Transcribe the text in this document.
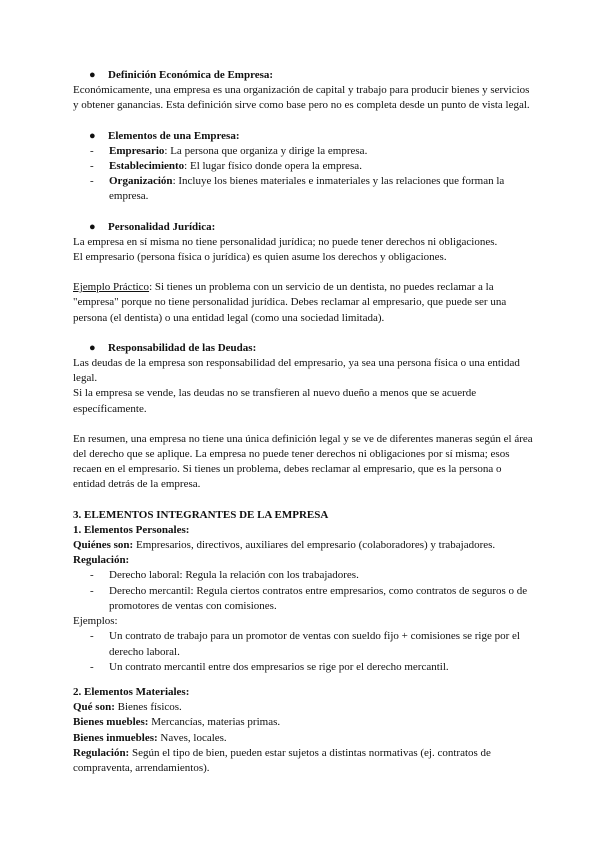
●	Definición Económica de Empresa:

Económicamente, una empresa es una organización de capital y trabajo para producir bienes y servicios y obtener ganancias. Esta definición sirve como base pero no es completa desde un punto de vista legal.

●	Elementos de una Empresa:
-	Empresario: La persona que organiza y dirige la empresa.
-	Establecimiento: El lugar físico donde opera la empresa.
-	Organización: Incluye los bienes materiales e inmateriales y las relaciones que forman la empresa.
●	Personalidad Jurídica:

La empresa en sí misma no tiene personalidad jurídica; no puede tener derechos ni obligaciones.

El empresario (persona física o jurídica) es quien asume los derechos y obligaciones.

Ejemplo Práctico: Si tienes un problema con un servicio de un dentista, no puedes reclamar a la "empresa" porque no tiene personalidad jurídica. Debes reclamar al empresario, que puede ser una persona (el dentista) o una entidad legal (como una sociedad limitada).

●	Responsabilidad de las Deudas:

Las deudas de la empresa son responsabilidad del empresario, ya sea una persona física o una entidad legal.

Si la empresa se vende, las deudas no se transfieren al nuevo dueño a menos que se acuerde específicamente.

En resumen, una empresa no tiene una única definición legal y se ve de diferentes maneras según el área del derecho que se aplique. La empresa no puede tener derechos ni obligaciones por sí misma; esos recaen en el empresario. Si tienes un problema, debes reclamar al empresario, que es la persona o entidad detrás de la empresa.

3. ELEMENTOS INTEGRANTES DE LA EMPRESA

1. Elementos Personales:

Quiénes son: Empresarios, directivos, auxiliares del empresario (colaboradores) y trabajadores.

Regulación:

-	Derecho laboral: Regula la relación con los trabajadores.
-	Derecho mercantil: Regula ciertos contratos entre empresarios, como contratos de seguros o de promotores de ventas con comisiones.

Ejemplos:

-	Un contrato de trabajo para un promotor de ventas con sueldo fijo + comisiones se rige por el derecho laboral.
-	Un contrato mercantil entre dos empresarios se rige por el derecho mercantil.

2. Elementos Materiales:

Qué son: Bienes físicos.

Bienes muebles: Mercancías, materias primas.

Bienes inmuebles: Naves, locales.

Regulación: Según el tipo de bien, pueden estar sujetos a distintas normativas (ej. contratos de compraventa, arrendamientos).
